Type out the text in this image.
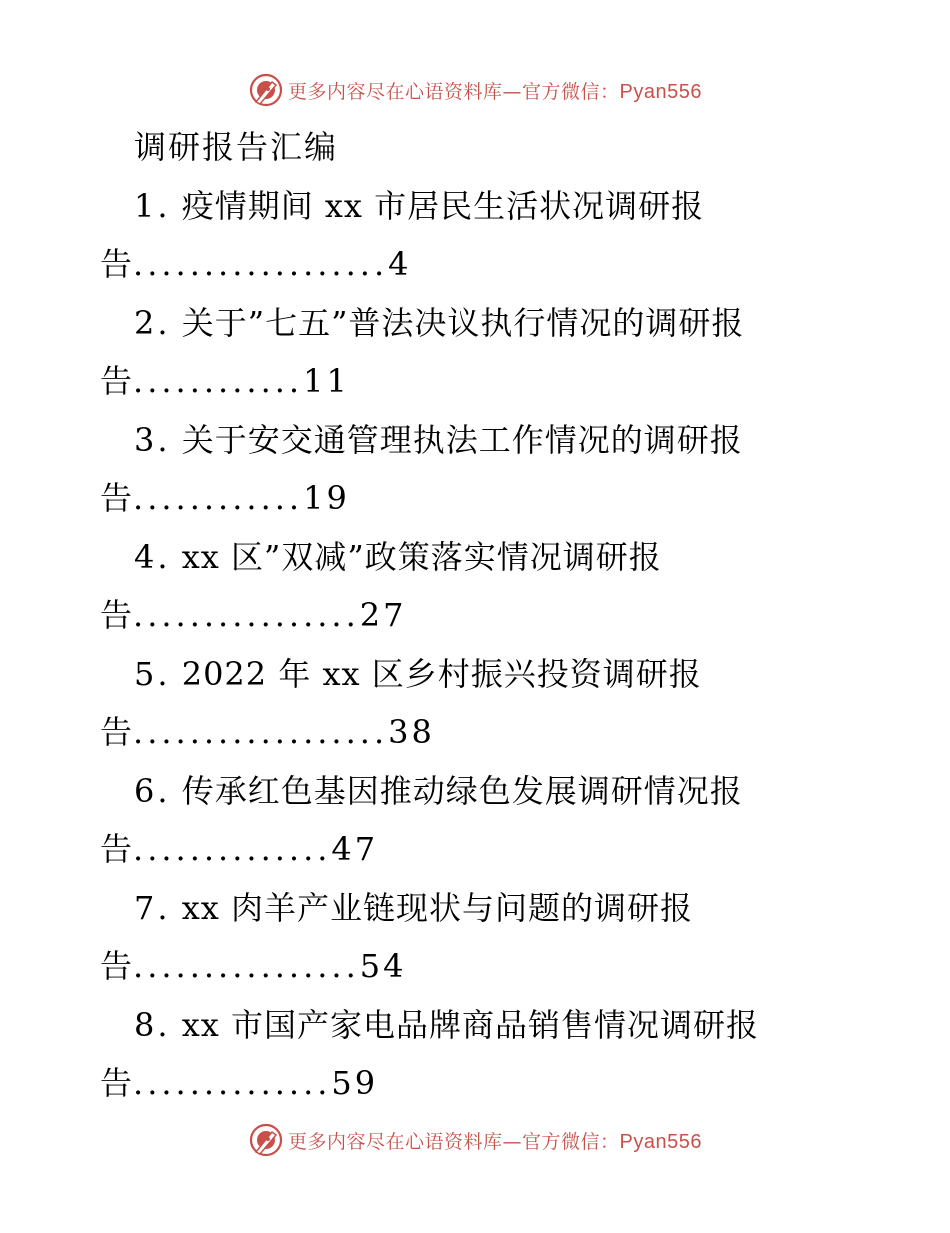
更多内容尽在心语资料库—官方微信：Pyan556
调研报告汇编
1. 疫情期间 xx 市居民生活状况调研报
告..................4
2. 关于”七五”普法决议执行情况的调研报
告............11
3. 关于安交通管理执法工作情况的调研报
告............19
4. xx 区”双减”政策落实情况调研报
告................27
5. 2022 年 xx 区乡村振兴投资调研报
告..................38
6. 传承红色基因推动绿色发展调研情况报
告..............47
7. xx 肉羊产业链现状与问题的调研报
告................54
8. xx 市国产家电品牌商品销售情况调研报
告..............59
更多内容尽在心语资料库—官方微信：Pyan556
